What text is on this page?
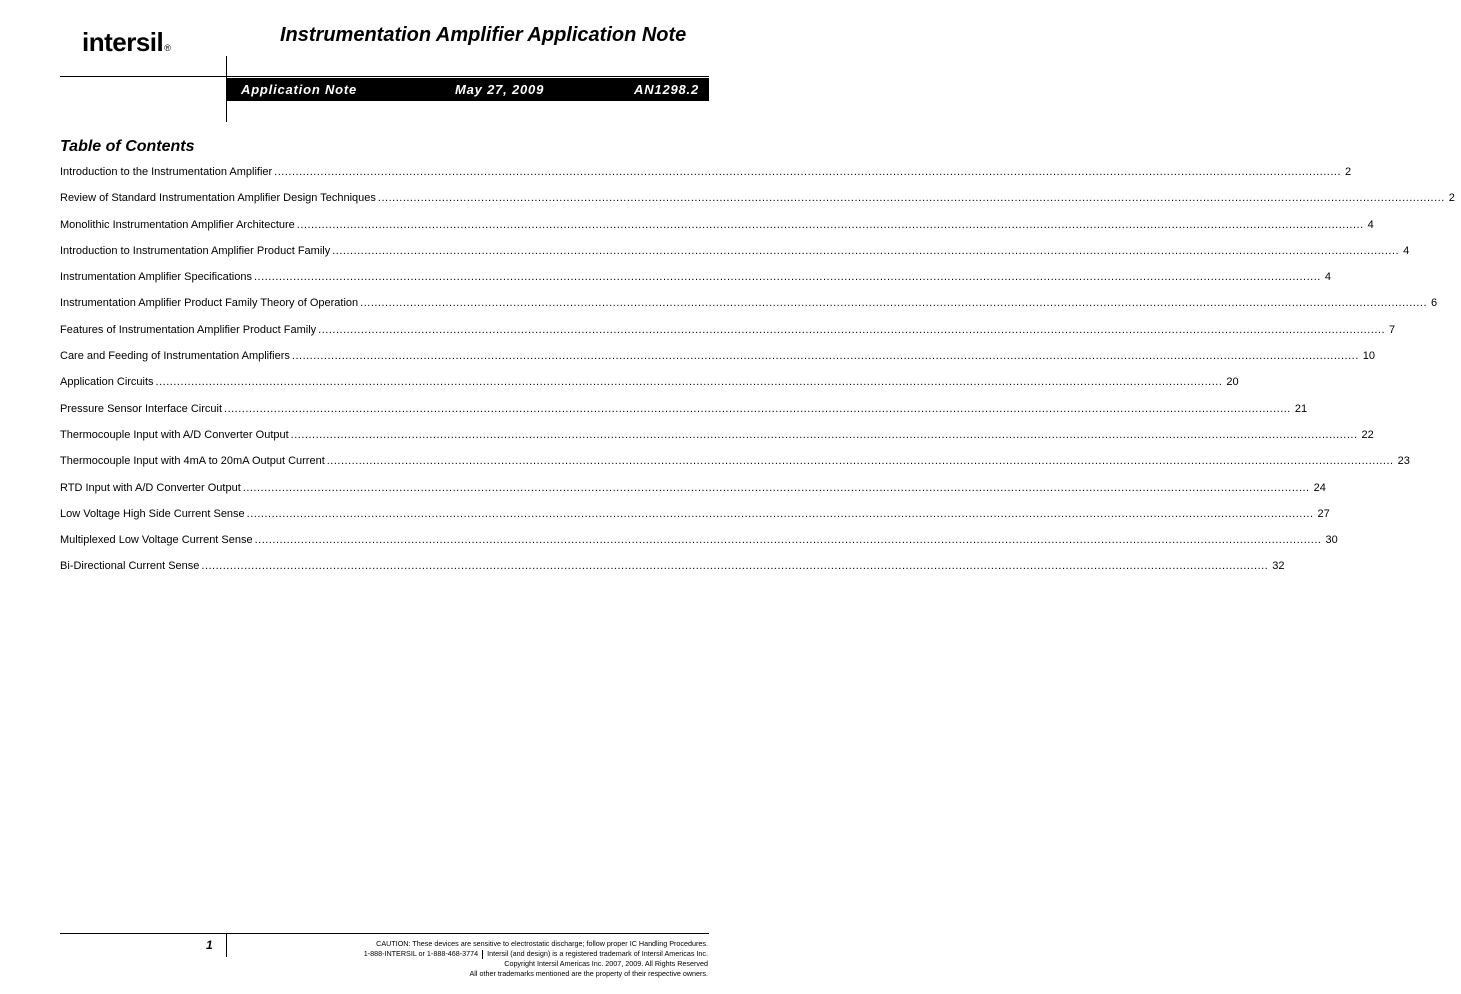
intersil®
Instrumentation Amplifier Application Note
Application Note	May 27, 2009	AN1298.2
Table of Contents
Introduction to the Instrumentation Amplifier ............................................................................................................................................................................................................................................................................................................ 2
Review of Standard Instrumentation Amplifier Design Techniques ............................................................................................................................................................................................................................................................................................................ 2
Monolithic Instrumentation Amplifier Architecture ............................................................................................................................................................................................................................................................................................................ 4
Introduction to Instrumentation Amplifier Product Family ............................................................................................................................................................................................................................................................................................................ 4
Instrumentation Amplifier Specifications ............................................................................................................................................................................................................................................................................................................ 4
Instrumentation Amplifier Product Family Theory of Operation ............................................................................................................................................................................................................................................................................................................ 6
Features of Instrumentation Amplifier Product Family ............................................................................................................................................................................................................................................................................................................ 7
Care and Feeding of Instrumentation Amplifiers ............................................................................................................................................................................................................................................................................................................ 10
Application Circuits ............................................................................................................................................................................................................................................................................................................ 20
Pressure Sensor Interface Circuit ............................................................................................................................................................................................................................................................................................................ 21
Thermocouple Input with A/D Converter Output ............................................................................................................................................................................................................................................................................................................ 22
Thermocouple Input with 4mA to 20mA Output Current ............................................................................................................................................................................................................................................................................................................ 23
RTD Input with A/D Converter Output ............................................................................................................................................................................................................................................................................................................ 24
Low Voltage High Side Current Sense ............................................................................................................................................................................................................................................................................................................ 27
Multiplexed Low Voltage Current Sense ............................................................................................................................................................................................................................................................................................................ 30
Bi-Directional Current Sense ............................................................................................................................................................................................................................................................................................................ 32
1	CAUTION: These devices are sensitive to electrostatic discharge; follow proper IC Handling Procedures.
1-888-INTERSIL or 1-888-468-3774 Intersil (and design) is a registered trademark of Intersil Americas Inc.
Copyright Intersil Americas Inc. 2007, 2009. All Rights Reserved
All other trademarks mentioned are the property of their respective owners.
